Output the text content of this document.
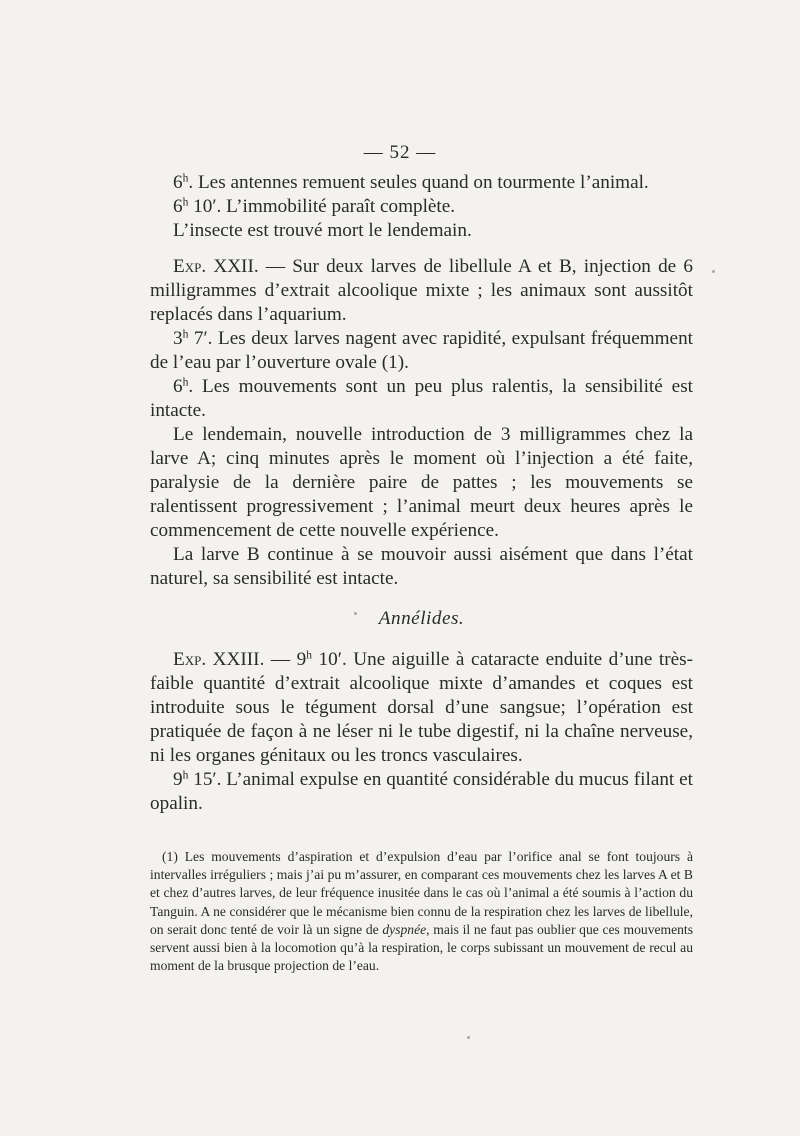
— 52 —

6$^h$. Les antennes remuent seules quand on tourmente l’animal.

6$^h$ 10′. L’immobilité paraît complète.

L’insecte est trouvé mort le lendemain.

Exp. XXII. — Sur deux larves de libellule A et B, injection de 6 milligrammes d’extrait alcoolique mixte ; les animaux sont aussitôt replacés dans l’aquarium.

3$^h$ 7′. Les deux larves nagent avec rapidité, expulsant fréquemment de l’eau par l’ouverture ovale (1).

6$^h$. Les mouvements sont un peu plus ralentis, la sensibilité est intacte.

Le lendemain, nouvelle introduction de 3 milligrammes chez la larve A; cinq minutes après le moment où l’injection a été faite, paralysie de la dernière paire de pattes ; les mouvements se ralentissent progressivement ; l’animal meurt deux heures après le commencement de cette nouvelle expérience.

La larve B continue à se mouvoir aussi aisément que dans l’état naturel, sa sensibilité est intacte.

Annélides.

Exp. XXIII. — 9$^h$ 10′. Une aiguille à cataracte enduite d’une très-faible quantité d’extrait alcoolique mixte d’amandes et coques est introduite sous le tégument dorsal d’une sangsue; l’opération est pratiquée de façon à ne léser ni le tube digestif, ni la chaîne nerveuse, ni les organes génitaux ou les troncs vasculaires.

9$^h$ 15′. L’animal expulse en quantité considérable du mucus filant et opalin.

(1) Les mouvements d’aspiration et d’expulsion d’eau par l’orifice anal se font toujours à intervalles irréguliers ; mais j’ai pu m’assurer, en comparant ces mouvements chez les larves A et B et chez d’autres larves, de leur fréquence inusitée dans le cas où l’animal a été soumis à l’action du Tanguin. A ne considérer que le mécanisme bien connu de la respiration chez les larves de libellule, on serait donc tenté de voir là un signe de dyspnée, mais il ne faut pas oublier que ces mouvements servent aussi bien à la locomotion qu’à la respiration, le corps subissant un mouvement de recul au moment de la brusque projection de l’eau.
